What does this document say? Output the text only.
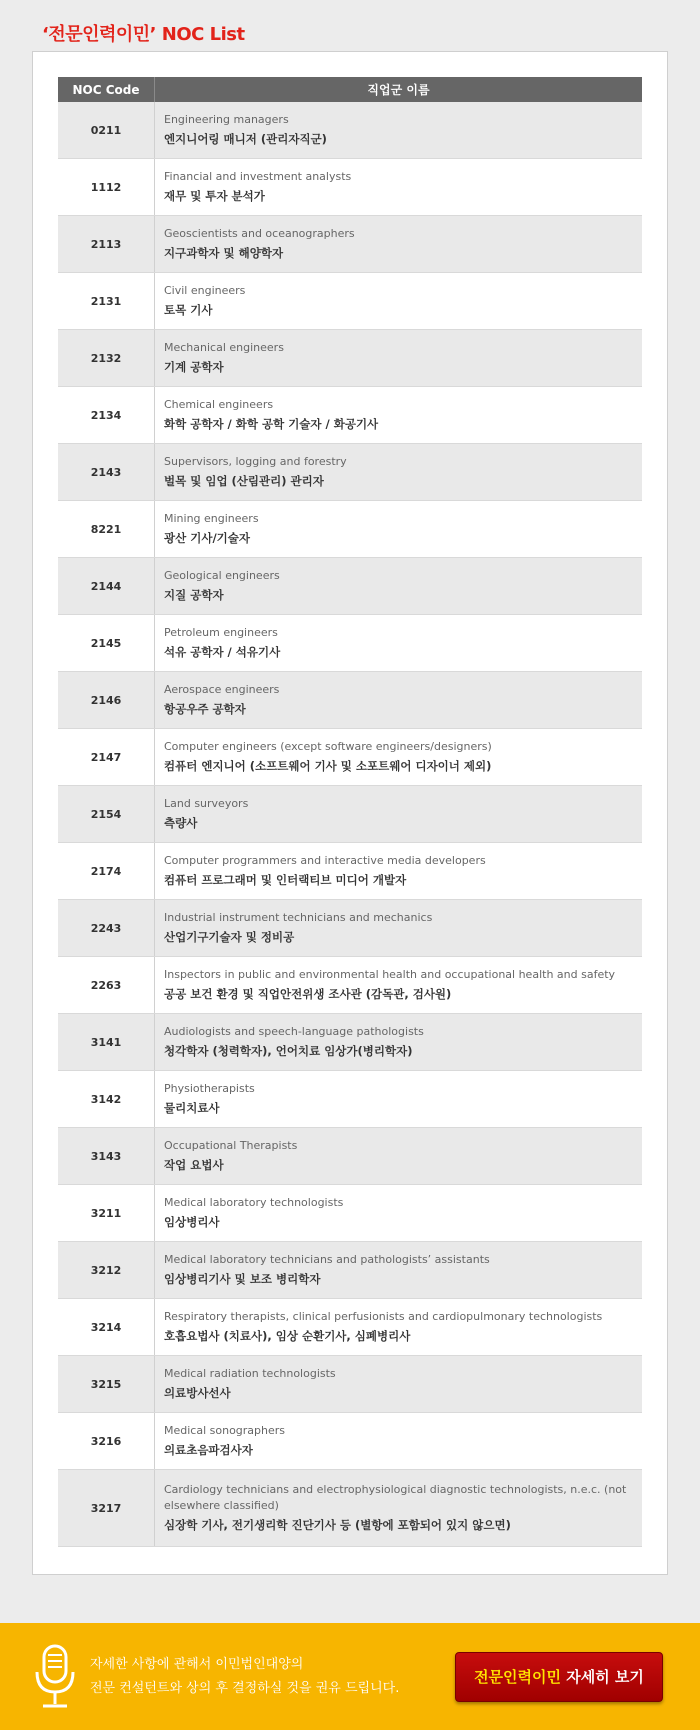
‘전문인력이민’ NOC List
NOC Code	직업군 이름
0211	Engineering managers
엔지니어링 매니저 (관리자직군)

1112	Financial and investment analysts
재무 및 투자 분석가

2113	Geoscientists and oceanographers
지구과학자 및 해양학자

2131	Civil engineers
토목 기사

2132	Mechanical engineers
기계 공학자

2134	Chemical engineers
화학 공학자 / 화학 공학 기술자 / 화공기사

2143	Supervisors, logging and forestry
벌목 및 임업 (산림관리) 관리자

8221	Mining engineers
광산 기사/기술자

2144	Geological engineers
지질 공학자

2145	Petroleum engineers
석유 공학자 / 석유기사

2146	Aerospace engineers
항공우주 공학자

2147	Computer engineers (except software engineers/designers)
컴퓨터 엔지니어 (소프트웨어 기사 및 소포트웨어 디자이너 제외)

2154	Land surveyors
측량사

2174	Computer programmers and interactive media developers
컴퓨터 프로그래머 및 인터랙티브 미디어 개발자

2243	Industrial instrument technicians and mechanics
산업기구기술자 및 정비공

2263	Inspectors in public and environmental health and occupational health and safety
공공 보건 환경 및 직업안전위생 조사관 (감독관, 검사원)

3141	Audiologists and speech-language pathologists
청각학자 (청력학자), 언어치료 임상가(병리학자)

3142	Physiotherapists
물리치료사

3143	Occupational Therapists
작업 요법사

3211	Medical laboratory technologists
임상병리사

3212	Medical laboratory technicians and pathologists’ assistants
임상병리기사 및 보조 병리학자

3214	Respiratory therapists, clinical perfusionists and cardiopulmonary technologists
호흡요법사 (치료사), 임상 순환기사, 심폐병리사

3215	Medical radiation technologists
의료방사선사

3216	Medical sonographers
의료초음파검사자

3217	Cardiology technicians and electrophysiological diagnostic technologists, n.e.c. (not elsewhere classified)
심장학 기사, 전기생리학 진단기사 등 (별항에 포함되어 있지 않으면)
자세한 사항에 관해서 이민법인대양의
전문 컨설턴트와 상의 후 결정하실 것을 권유 드립니다.
전문인력이민 자세히 보기
